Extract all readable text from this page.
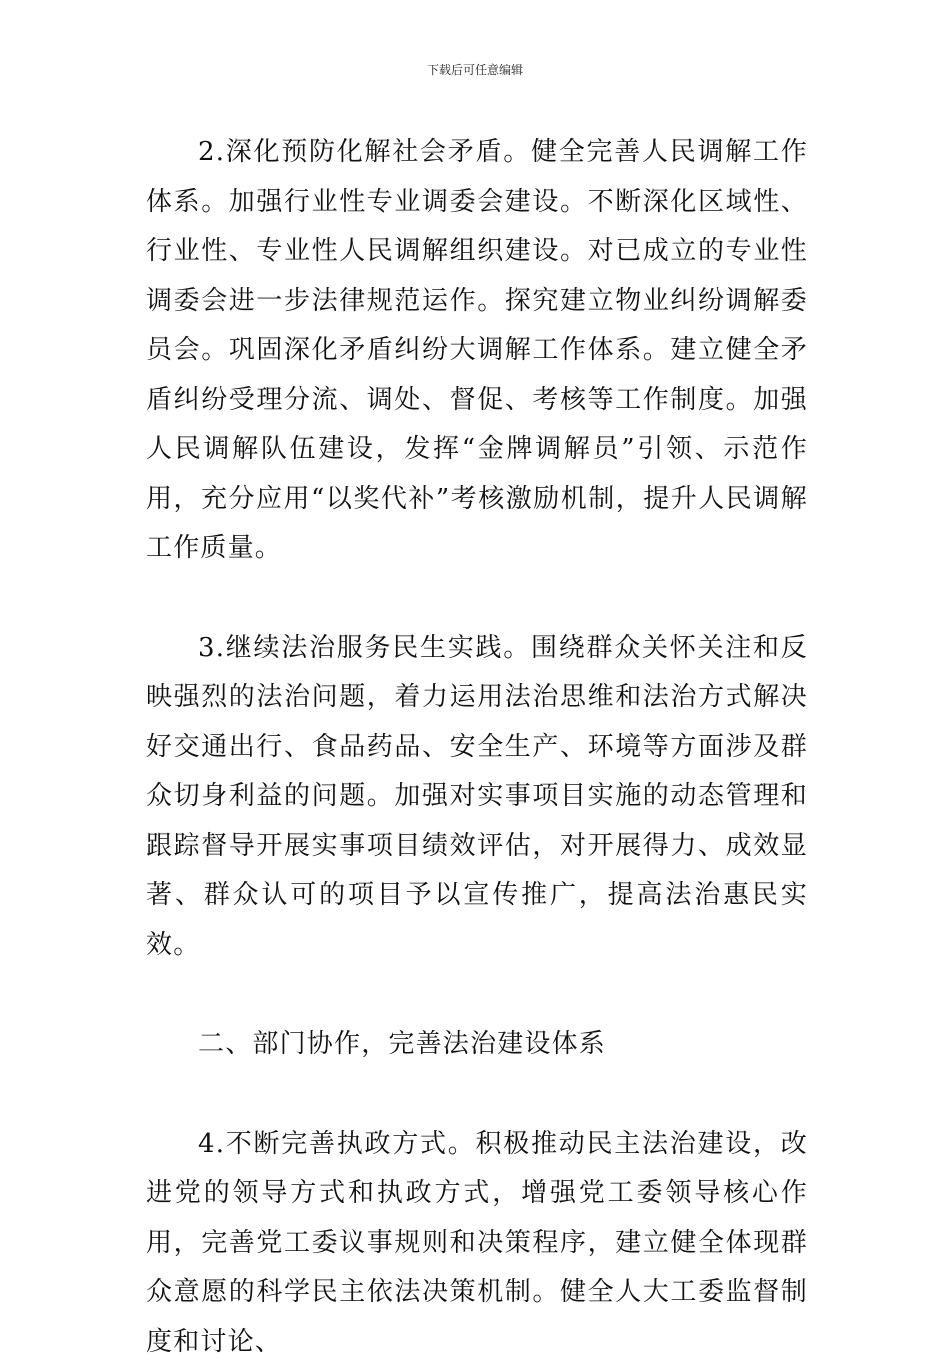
下载后可任意编辑

2.深化预防化解社会矛盾。健全完善人民调解工作体系。加强行业性专业调委会建设。不断深化区域性、行业性、专业性人民调解组织建设。对已成立的专业性调委会进一步法律规范运作。探究建立物业纠纷调解委员会。巩固深化矛盾纠纷大调解工作体系。建立健全矛盾纠纷受理分流、调处、督促、考核等工作制度。加强人民调解队伍建设，发挥“金牌调解员”引领、示范作用，充分应用“以奖代补”考核激励机制，提升人民调解工作质量。

3.继续法治服务民生实践。围绕群众关怀关注和反映强烈的法治问题，着力运用法治思维和法治方式解决好交通出行、食品药品、安全生产、环境等方面涉及群众切身利益的问题。加强对实事项目实施的动态管理和跟踪督导开展实事项目绩效评估，对开展得力、成效显著、群众认可的项目予以宣传推广，提高法治惠民实效。

二、部门协作，完善法治建设体系

4.不断完善执政方式。积极推动民主法治建设，改进党的领导方式和执政方式，增强党工委领导核心作用，完善党工委议事规则和决策程序，建立健全体现群众意愿的科学民主依法决策机制。健全人大工委监督制度和讨论、
